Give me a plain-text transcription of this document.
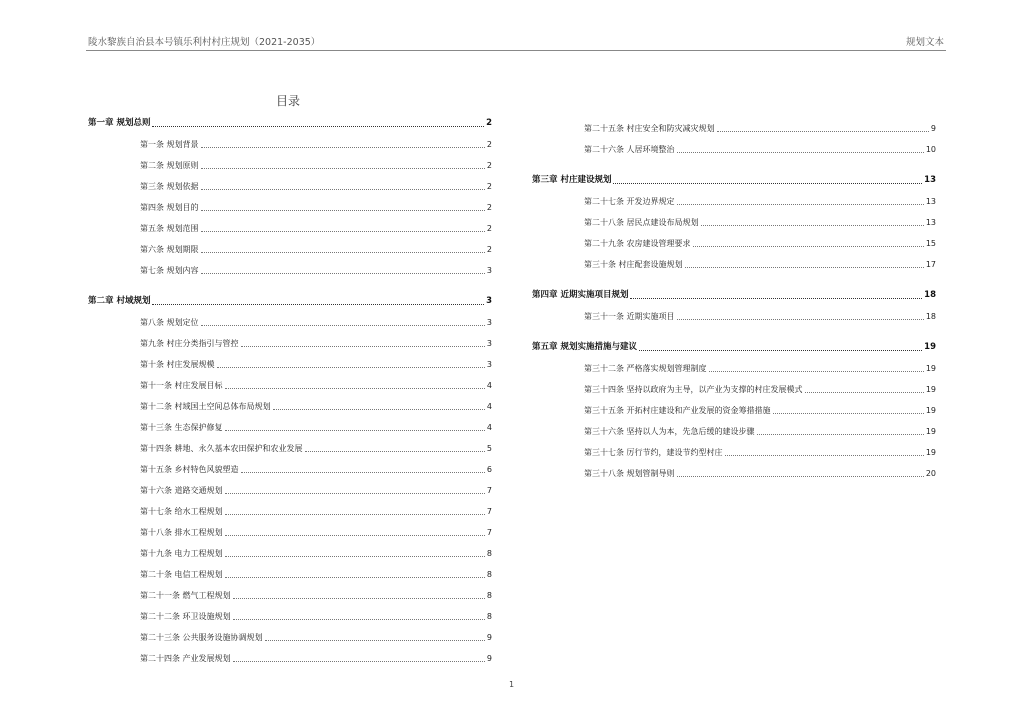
陵水黎族自治县本号镇乐利村村庄规划（2021-2035）	规划文本
目录
第一章 规划总则	2
第一条 规划背景	2
第二条 规划原则	2
第三条 规划依据	2
第四条 规划目的	2
第五条 规划范围	2
第六条 规划期限	2
第七条 规划内容	3
第二章 村域规划	3
第八条 规划定位	3
第九条 村庄分类指引与管控	3
第十条 村庄发展规模	3
第十一条 村庄发展目标	4
第十二条 村域国土空间总体布局规划	4
第十三条 生态保护修复	4
第十四条 耕地、永久基本农田保护和农业发展	5
第十五条 乡村特色风貌塑造	6
第十六条 道路交通规划	7
第十七条 给水工程规划	7
第十八条 排水工程规划	7
第十九条 电力工程规划	8
第二十条 电信工程规划	8
第二十一条 燃气工程规划	8
第二十二条 环卫设施规划	8
第二十三条 公共服务设施协调规划	9
第二十四条 产业发展规划	9
第二十五条 村庄安全和防灾减灾规划	9
第二十六条 人居环境整治	10
第三章 村庄建设规划	13
第二十七条 开发边界规定	13
第二十八条 居民点建设布局规划	13
第二十九条 农房建设管理要求	15
第三十条 村庄配套设施规划	17
第四章 近期实施项目规划	18
第三十一条 近期实施项目	18
第五章 规划实施措施与建议	19
第三十二条 严格落实规划管理制度	19
第三十四条 坚持以政府为主导，以产业为支撑的村庄发展模式	19
第三十五条 开拓村庄建设和产业发展的资金筹措措施	19
第三十六条 坚持以人为本，先急后缓的建设步骤	19
第三十七条 厉行节约，建设节约型村庄	19
第三十八条 规划管制导则	20
1
